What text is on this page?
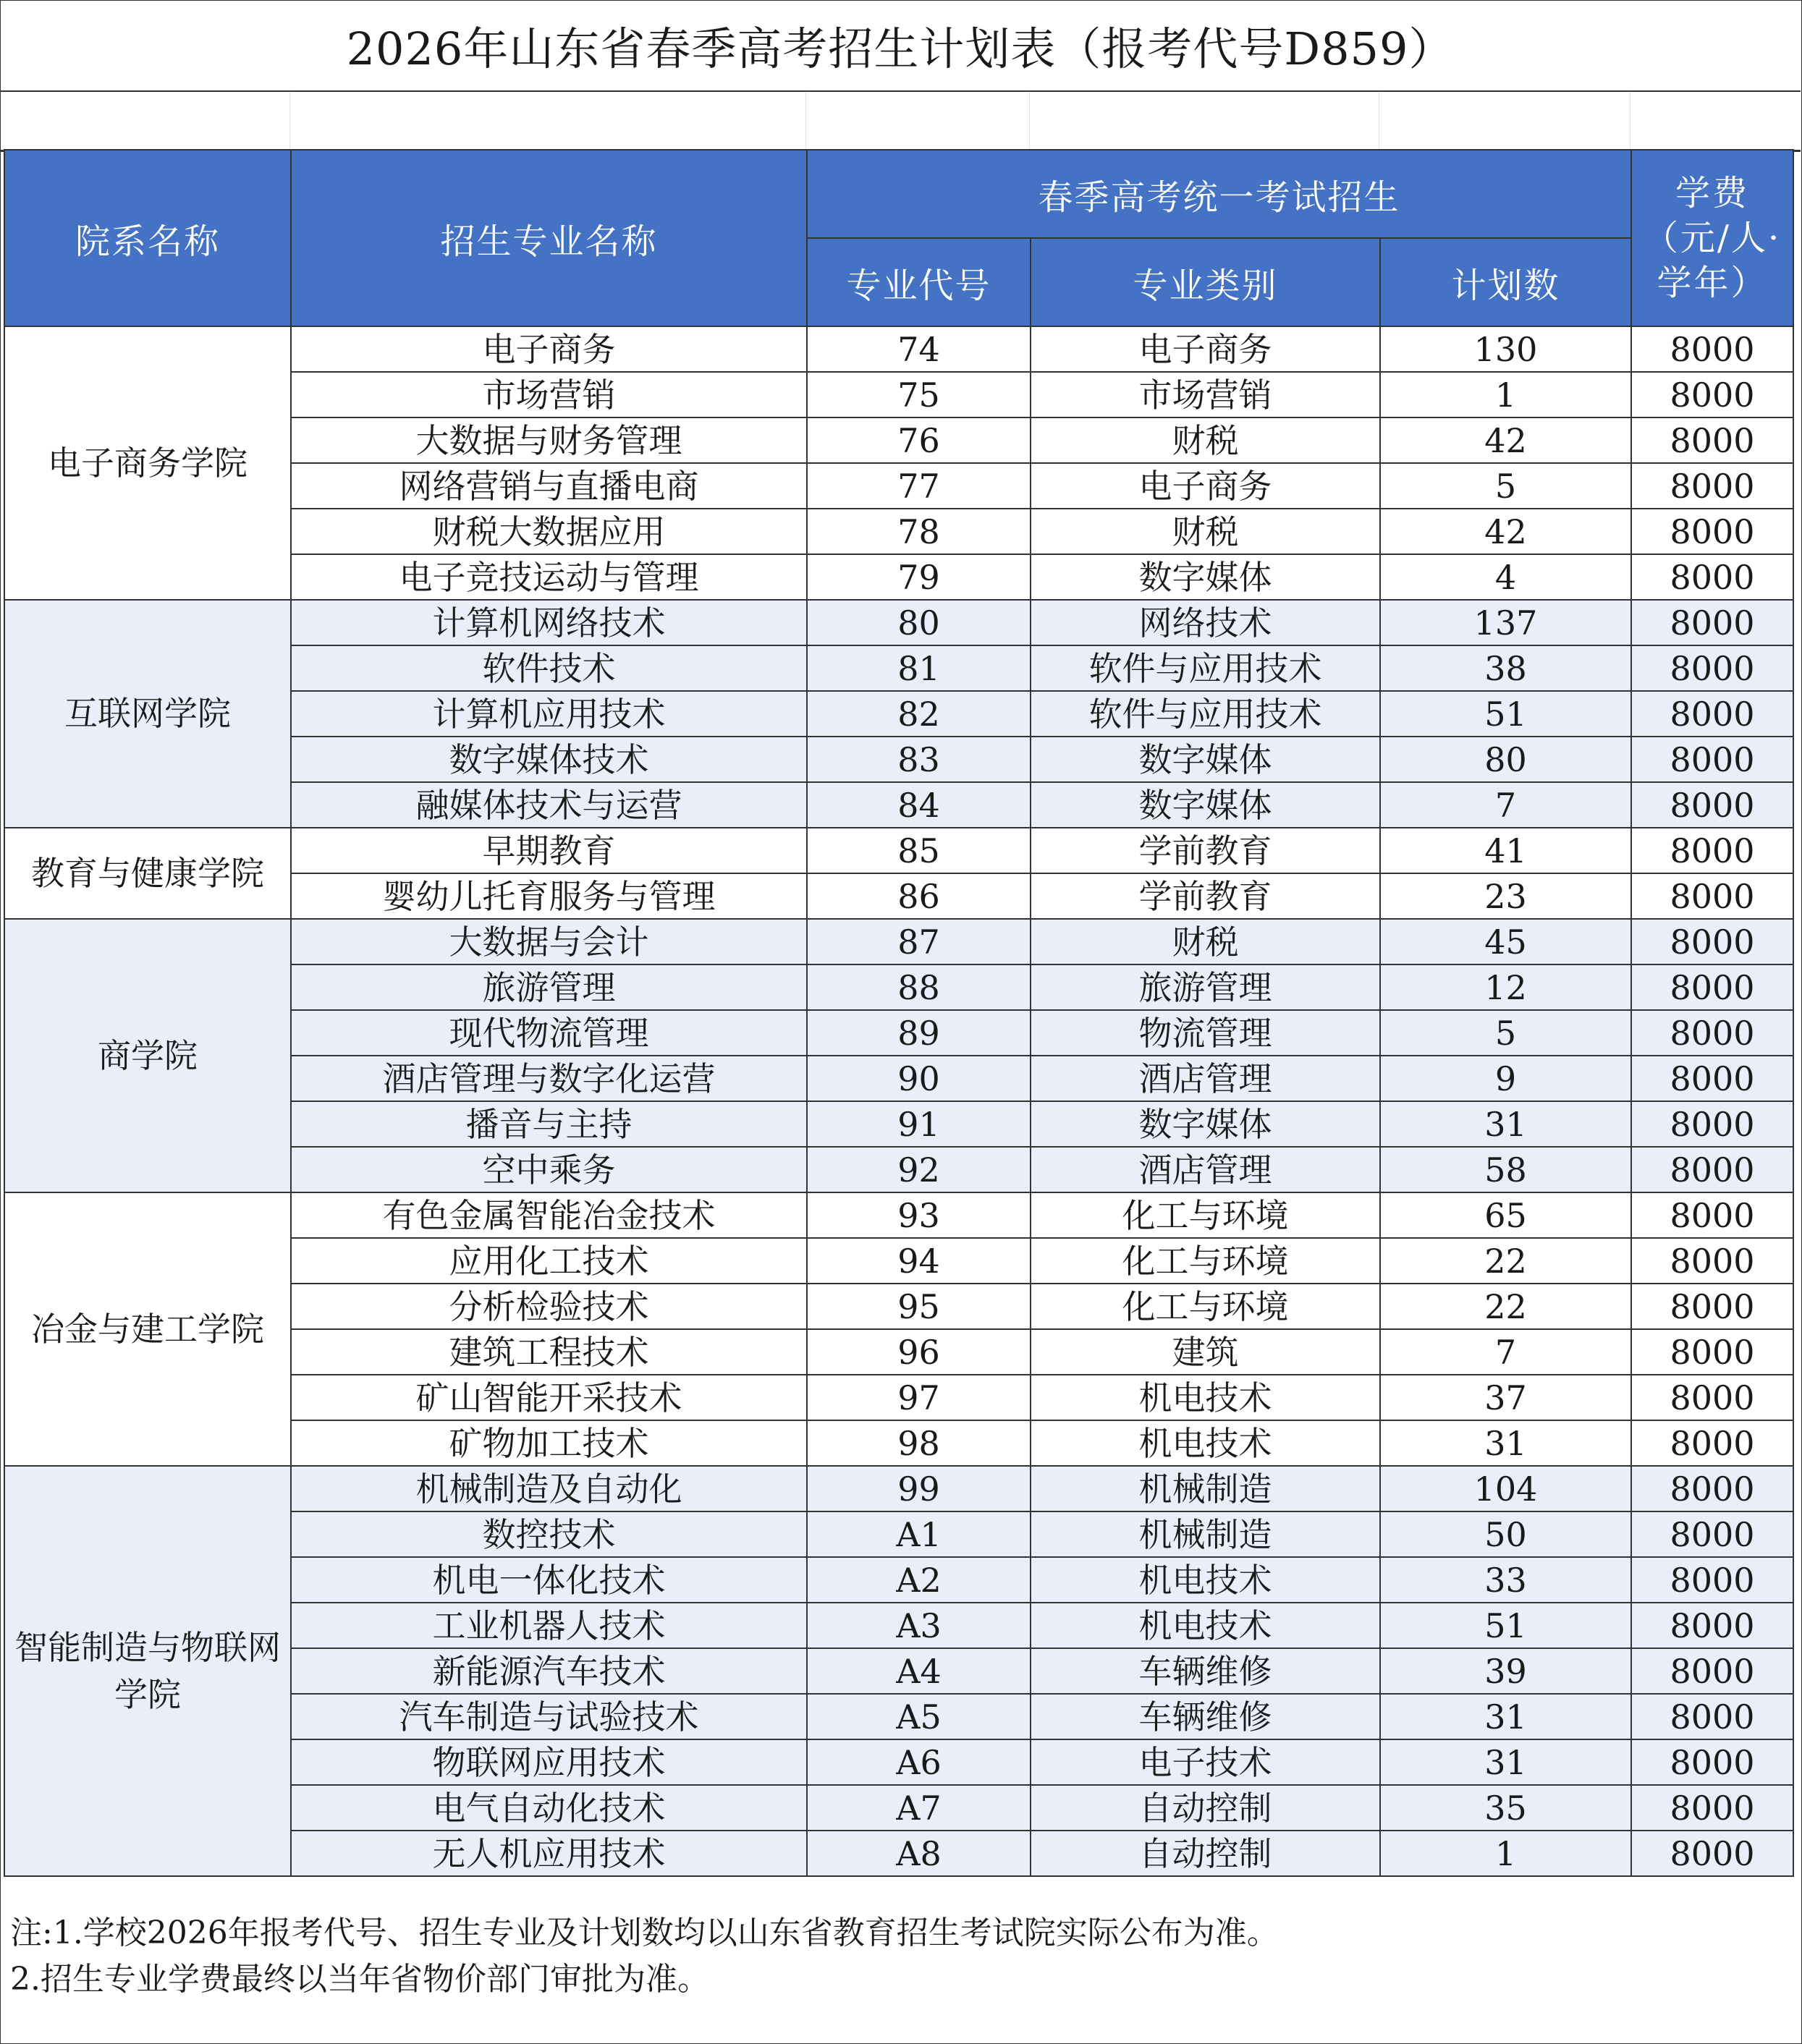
2026年山东省春季高考招生计划表（报考代号D859）
院系名称	招生专业名称	春季高考统一考试招生			学费（元/人·学年）
		专业代号	专业类别	计划数	
电子商务学院	电子商务	74	电子商务	130	8000
	市场营销	75	市场营销	1	8000
	大数据与财务管理	76	财税	42	8000
	网络营销与直播电商	77	电子商务	5	8000
	财税大数据应用	78	财税	42	8000
	电子竞技运动与管理	79	数字媒体	4	8000
互联网学院	计算机网络技术	80	网络技术	137	8000
	软件技术	81	软件与应用技术	38	8000
	计算机应用技术	82	软件与应用技术	51	8000
	数字媒体技术	83	数字媒体	80	8000
	融媒体技术与运营	84	数字媒体	7	8000
教育与健康学院	早期教育	85	学前教育	41	8000
	婴幼儿托育服务与管理	86	学前教育	23	8000
商学院	大数据与会计	87	财税	45	8000
	旅游管理	88	旅游管理	12	8000
	现代物流管理	89	物流管理	5	8000
	酒店管理与数字化运营	90	酒店管理	9	8000
	播音与主持	91	数字媒体	31	8000
	空中乘务	92	酒店管理	58	8000
冶金与建工学院	有色金属智能冶金技术	93	化工与环境	65	8000
	应用化工技术	94	化工与环境	22	8000
	分析检验技术	95	化工与环境	22	8000
	建筑工程技术	96	建筑	7	8000
	矿山智能开采技术	97	机电技术	37	8000
	矿物加工技术	98	机电技术	31	8000
智能制造与物联网学院	机械制造及自动化	99	机械制造	104	8000
	数控技术	A1	机械制造	50	8000
	机电一体化技术	A2	机电技术	33	8000
	工业机器人技术	A3	机电技术	51	8000
	新能源汽车技术	A4	车辆维修	39	8000
	汽车制造与试验技术	A5	车辆维修	31	8000
	物联网应用技术	A6	电子技术	31	8000
	电气自动化技术	A7	自动控制	35	8000
	无人机应用技术	A8	自动控制	1	8000
注:1.学校2026年报考代号、招生专业及计划数均以山东省教育招生考试院实际公布为准。
2.招生专业学费最终以当年省物价部门审批为准。
